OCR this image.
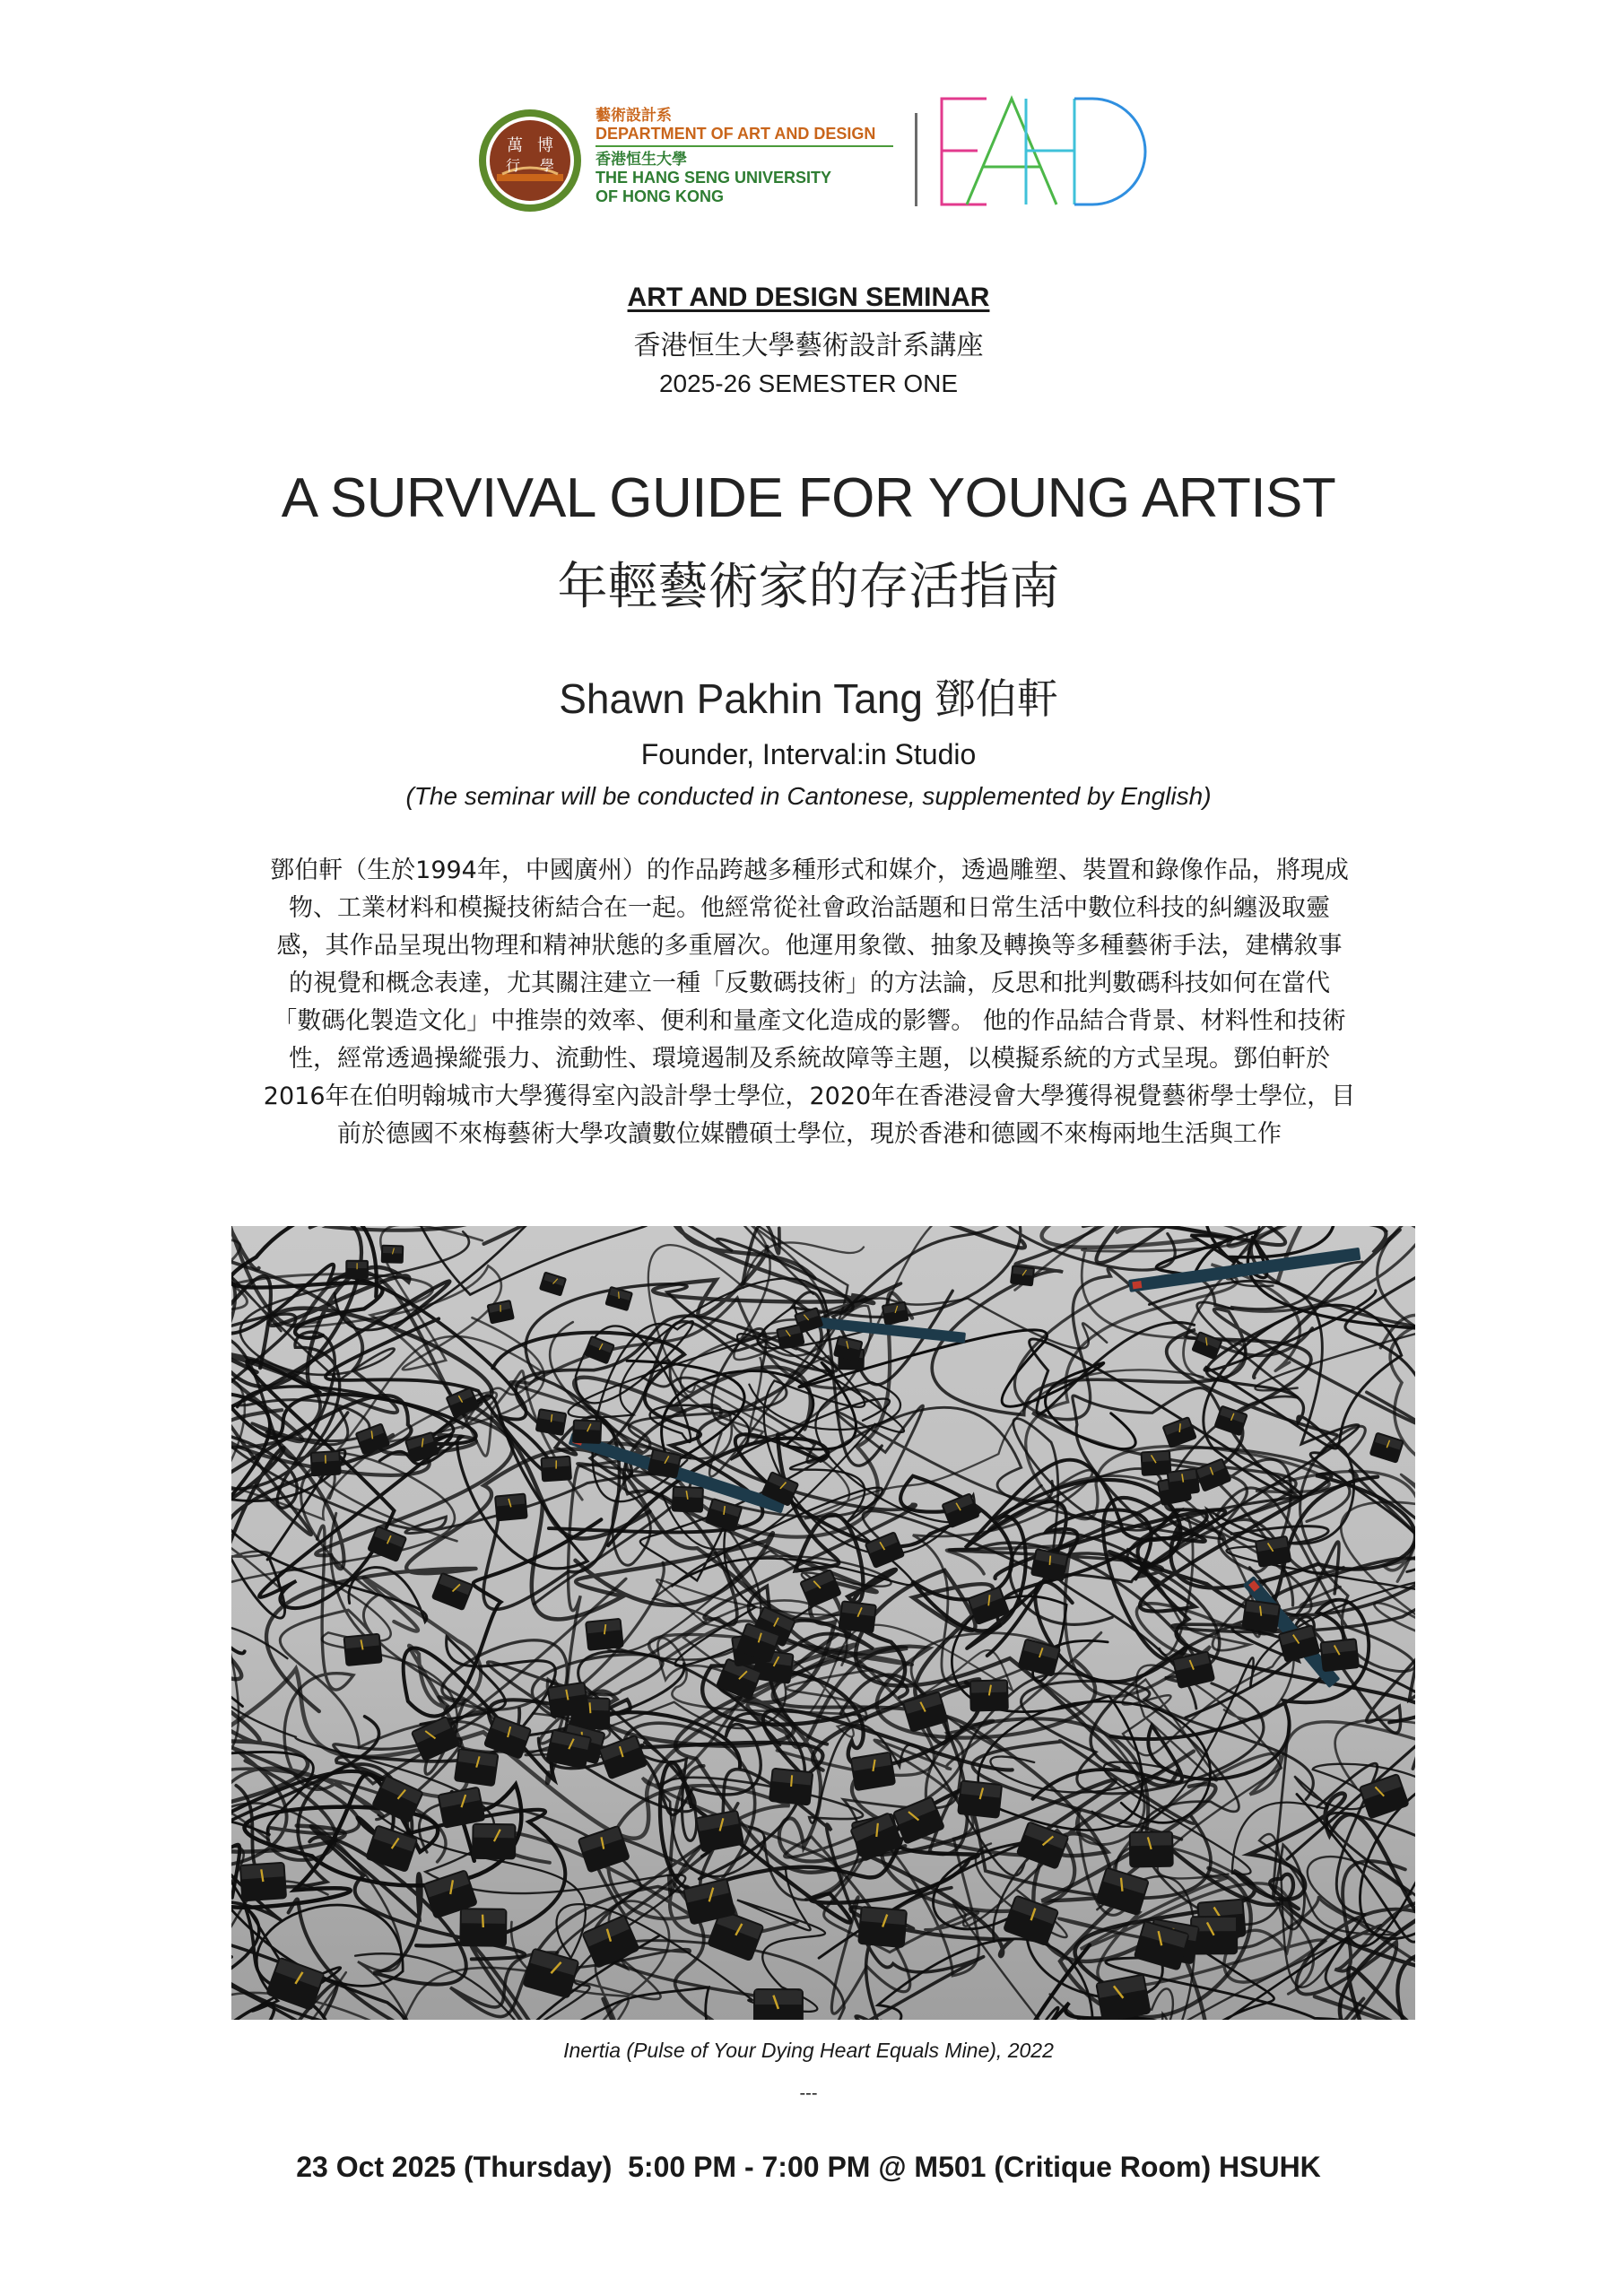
萬 博
行 學
藝術設計系
DEPARTMENT OF ART AND DESIGN
香港恒生大學
THE HANG SENG UNIVERSITY
OF HONG KONG
ART AND DESIGN SEMINAR
香港恒生大學藝術設計系講座
2025-26 SEMESTER ONE
A SURVIVAL GUIDE FOR YOUNG ARTIST
年輕藝術家的存活指南
Shawn Pakhin Tang 鄧伯軒
Founder, Interval:in Studio
(The seminar will be conducted in Cantonese, supplemented by English)
鄧伯軒（生於1994年，中國廣州）的作品跨越多種形式和媒介，透過雕塑、裝置和錄像作品，將現成
物、工業材料和模擬技術結合在一起。他經常從社會政治話題和日常生活中數位科技的糾纏汲取靈
感，其作品呈現出物理和精神狀態的多重層次。他運用象徵、抽象及轉換等多種藝術手法，建構敘事
的視覺和概念表達，尤其關注建立一種「反數碼技術」的方法論，反思和批判數碼科技如何在當代
「數碼化製造文化」中推崇的效率、便利和量產文化造成的影響。 他的作品結合背景、材料性和技術
性，經常透過操縱張力、流動性、環境遏制及系統故障等主題，以模擬系統的方式呈現。鄧伯軒於
2016年在伯明翰城市大學獲得室內設計學士學位，2020年在香港浸會大學獲得視覺藝術學士學位，目
前於德國不來梅藝術大學攻讀數位媒體碩士學位，現於香港和德國不來梅兩地生活與工作
Inertia (Pulse of Your Dying Heart Equals Mine), 2022
---
23 Oct 2025 (Thursday)  5:00 PM - 7:00 PM @ M501 (Critique Room) HSUHK
